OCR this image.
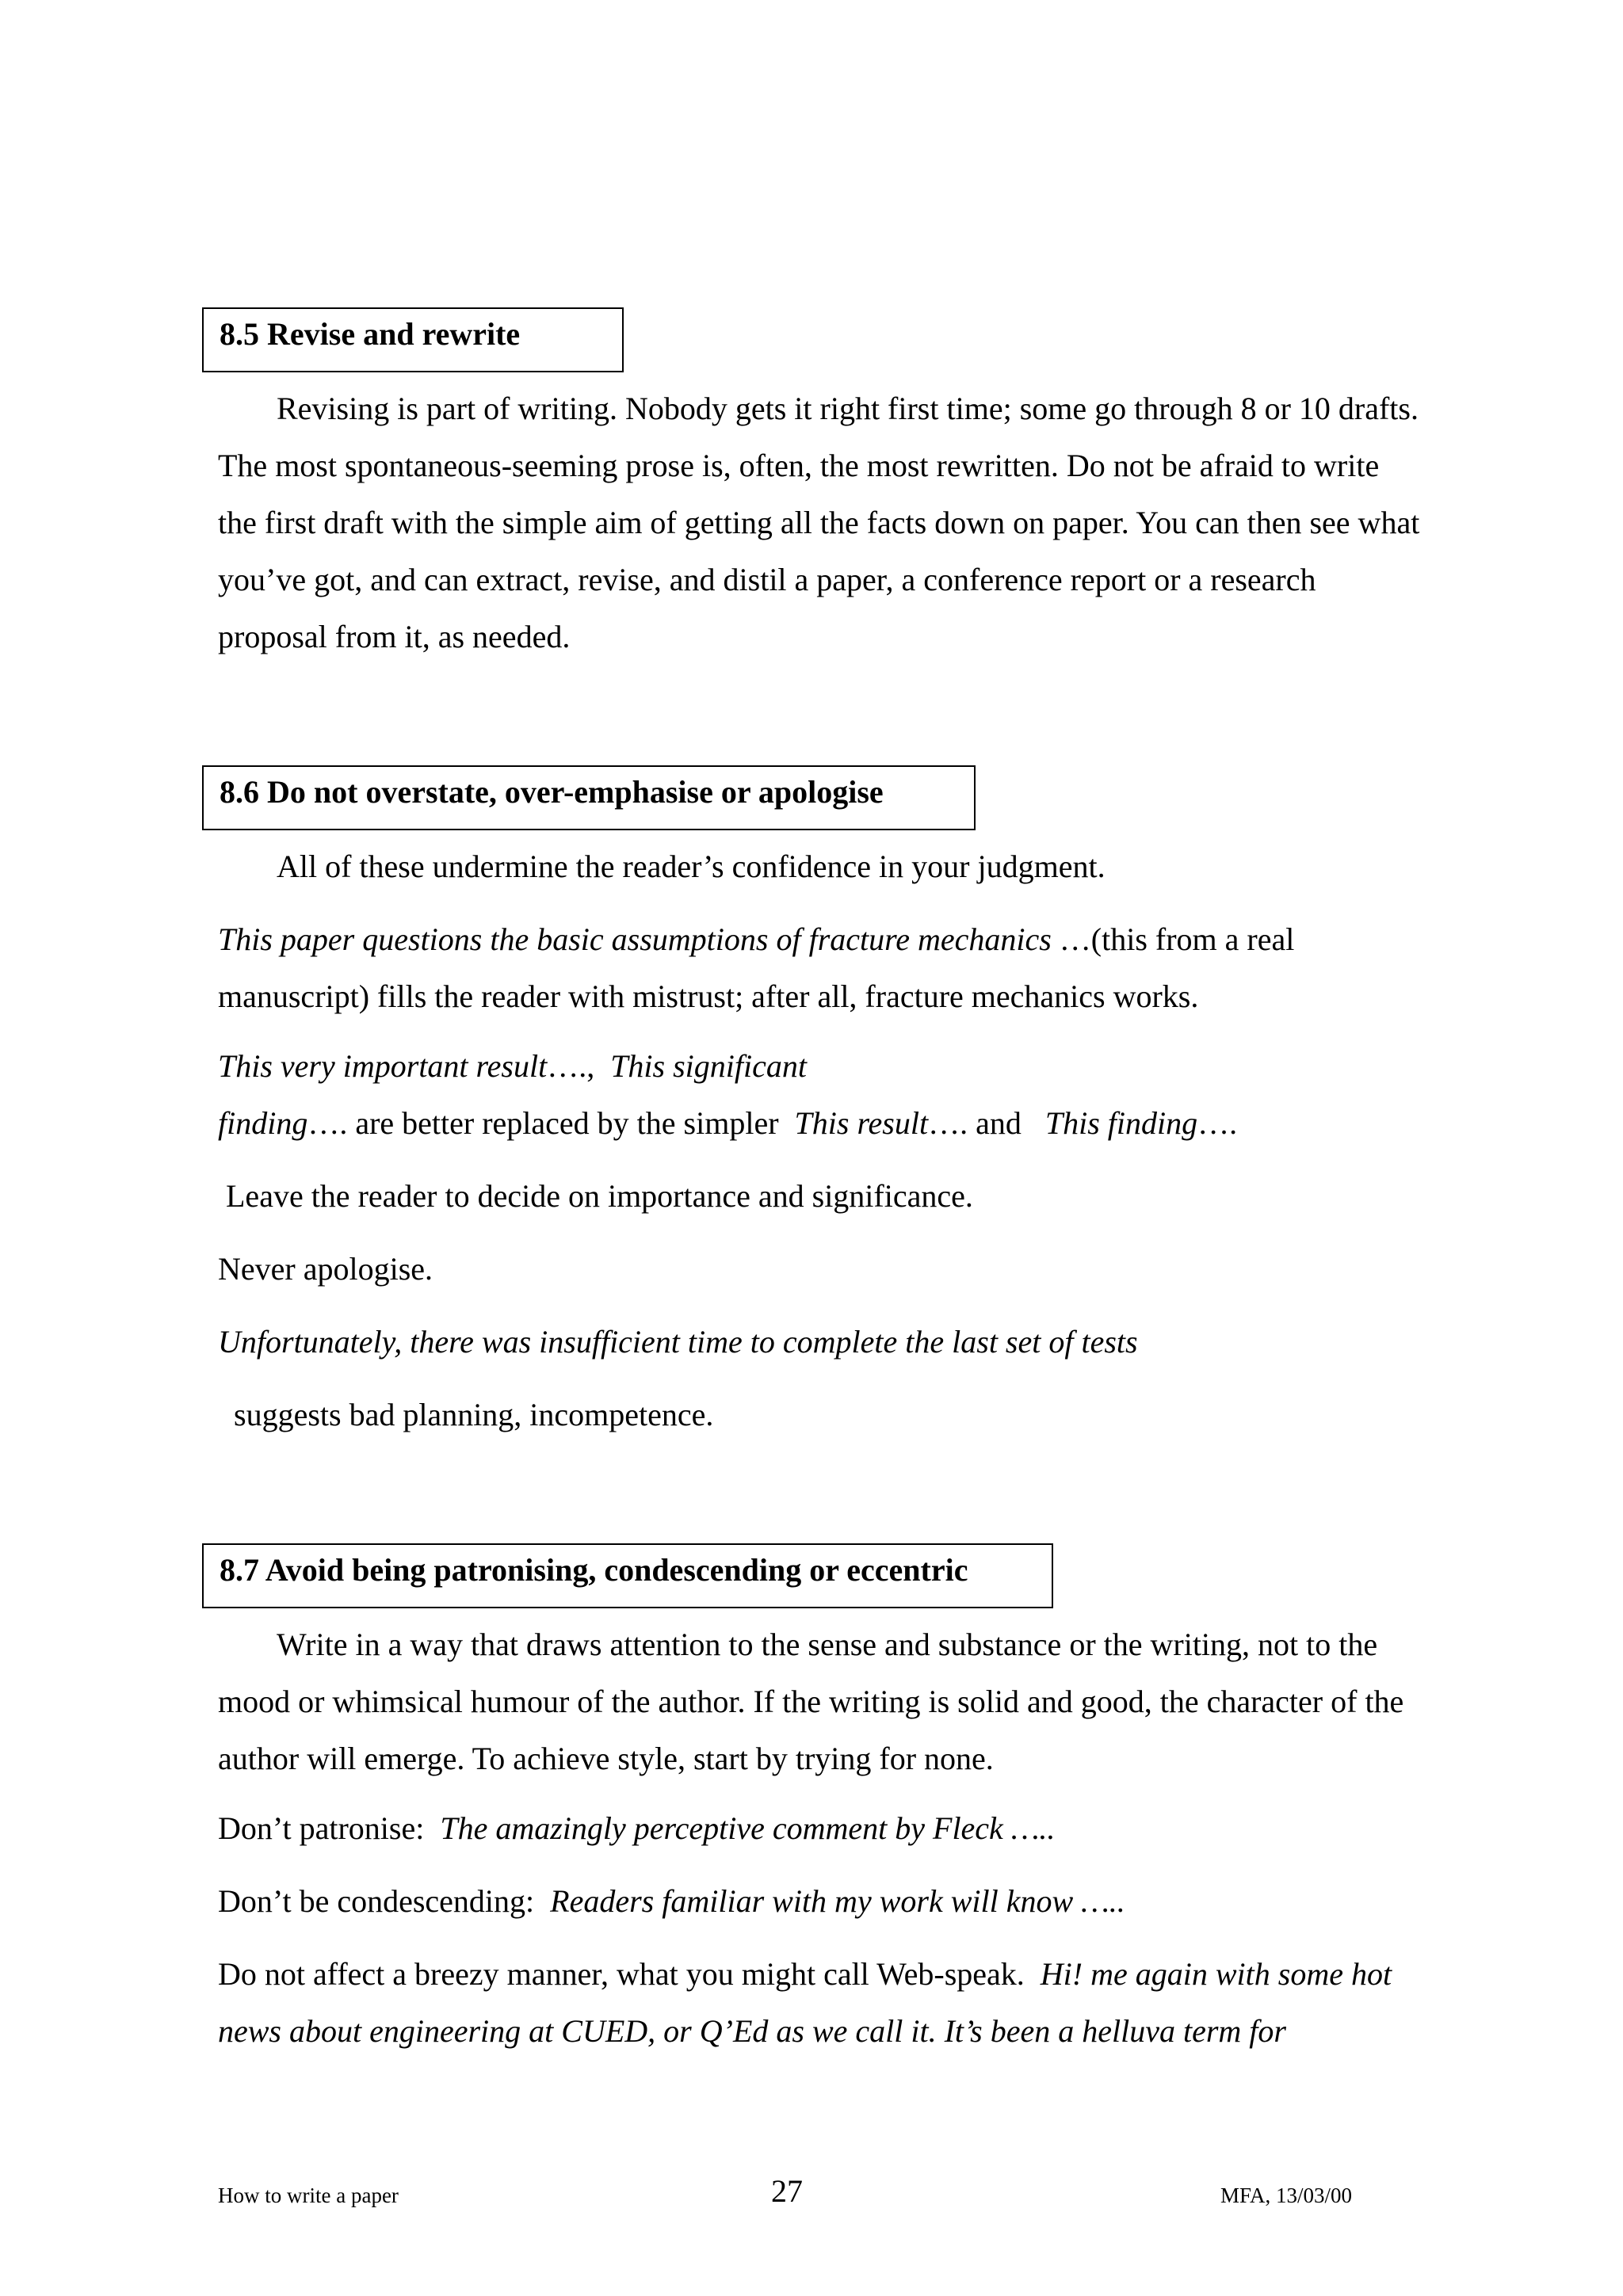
8.5 Revise and rewrite

Revising is part of writing. Nobody gets it right first time; some go through 8 or 10 drafts. The most spontaneous-seeming prose is, often, the most rewritten. Do not be afraid to write the first draft with the simple aim of getting all the facts down on paper. You can then see what you’ve got, and can extract, revise, and distil a paper, a conference report or a research proposal from it, as needed.

8.6 Do not overstate, over-emphasise or apologise

All of these undermine the reader’s confidence in your judgment.

This paper questions the basic assumptions of fracture mechanics …(this from a real manuscript) fills the reader with mistrust; after all, fracture mechanics works.

This very important result….,  This significant finding…. are better replaced by the simpler  This result…. and   This finding….

Leave the reader to decide on importance and significance.

Never apologise.

Unfortunately, there was insufficient time to complete the last set of tests

suggests bad planning, incompetence.

8.7 Avoid being patronising, condescending or eccentric

Write in a way that draws attention to the sense and substance or the writing, not to the mood or whimsical humour of the author. If the writing is solid and good, the character of the author will emerge. To achieve style, start by trying for none.

Don’t patronise:  The amazingly perceptive comment by Fleck …..

Don’t be condescending:  Readers familiar with my work will know …..

Do not affect a breezy manner, what you might call Web-speak.  Hi! me again with some hot news about engineering at CUED, or Q’Ed as we call it. It’s been a helluva term for

How to write a paper	27	MFA, 13/03/00
